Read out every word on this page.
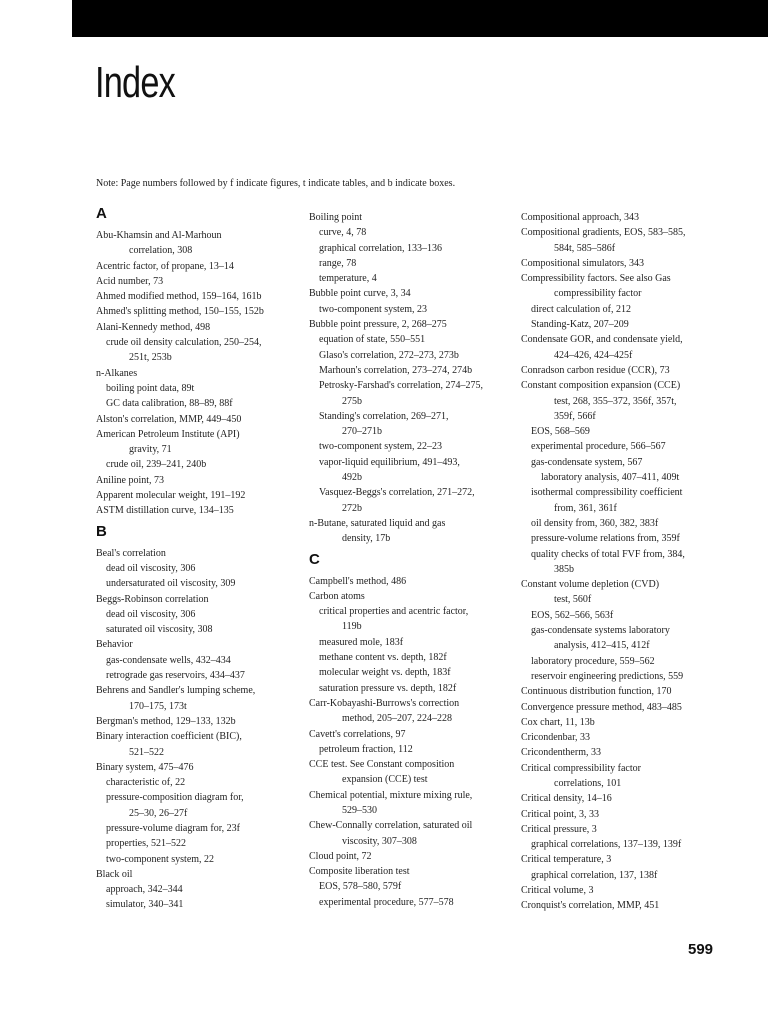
Index
Note: Page numbers followed by f indicate figures, t indicate tables, and b indicate boxes.
A
Abu-Khamsin and Al-Marhoun
correlation, 308
Acentric factor, of propane, 13–14
Acid number, 73
Ahmed modified method, 159–164, 161b
Ahmed's splitting method, 150–155, 152b
Alani-Kennedy method, 498
crude oil density calculation, 250–254,
251t, 253b
n-Alkanes
boiling point data, 89t
GC data calibration, 88–89, 88f
Alston's correlation, MMP, 449–450
American Petroleum Institute (API)
gravity, 71
crude oil, 239–241, 240b
Aniline point, 73
Apparent molecular weight, 191–192
ASTM distillation curve, 134–135
B
Beal's correlation
dead oil viscosity, 306
undersaturated oil viscosity, 309
Beggs-Robinson correlation
dead oil viscosity, 306
saturated oil viscosity, 308
Behavior
gas-condensate wells, 432–434
retrograde gas reservoirs, 434–437
Behrens and Sandler's lumping scheme,
170–175, 173t
Bergman's method, 129–133, 132b
Binary interaction coefficient (BIC),
521–522
Binary system, 475–476
characteristic of, 22
pressure-composition diagram for,
25–30, 26–27f
pressure-volume diagram for, 23f
properties, 521–522
two-component system, 22
Black oil
approach, 342–344
simulator, 340–341
Boiling point
curve, 4, 78
graphical correlation, 133–136
range, 78
temperature, 4
Bubble point curve, 3, 34
two-component system, 23
Bubble point pressure, 2, 268–275
equation of state, 550–551
Glaso's correlation, 272–273, 273b
Marhoun's correlation, 273–274, 274b
Petrosky-Farshad's correlation, 274–275,
275b
Standing's correlation, 269–271,
270–271b
two-component system, 22–23
vapor-liquid equilibrium, 491–493,
492b
Vasquez-Beggs's correlation, 271–272,
272b
n-Butane, saturated liquid and gas
density, 17b
C
Campbell's method, 486
Carbon atoms
critical properties and acentric factor,
119b
measured mole, 183f
methane content vs. depth, 182f
molecular weight vs. depth, 183f
saturation pressure vs. depth, 182f
Carr-Kobayashi-Burrows's correction
method, 205–207, 224–228
Cavett's correlations, 97
petroleum fraction, 112
CCE test. See Constant composition
expansion (CCE) test
Chemical potential, mixture mixing rule,
529–530
Chew-Connally correlation, saturated oil
viscosity, 307–308
Cloud point, 72
Composite liberation test
EOS, 578–580, 579f
experimental procedure, 577–578
Compositional approach, 343
Compositional gradients, EOS, 583–585,
584t, 585–586f
Compositional simulators, 343
Compressibility factors. See also Gas
compressibility factor
direct calculation of, 212
Standing-Katz, 207–209
Condensate GOR, and condensate yield,
424–426, 424–425f
Conradson carbon residue (CCR), 73
Constant composition expansion (CCE)
test, 268, 355–372, 356f, 357t,
359f, 566f
EOS, 568–569
experimental procedure, 566–567
gas-condensate system, 567
laboratory analysis, 407–411, 409t
isothermal compressibility coefficient
from, 361, 361f
oil density from, 360, 382, 383f
pressure-volume relations from, 359f
quality checks of total FVF from, 384,
385b
Constant volume depletion (CVD)
test, 560f
EOS, 562–566, 563f
gas-condensate systems laboratory
analysis, 412–415, 412f
laboratory procedure, 559–562
reservoir engineering predictions, 559
Continuous distribution function, 170
Convergence pressure method, 483–485
Cox chart, 11, 13b
Cricondenbar, 33
Cricondentherm, 33
Critical compressibility factor
correlations, 101
Critical density, 14–16
Critical point, 3, 33
Critical pressure, 3
graphical correlations, 137–139, 139f
Critical temperature, 3
graphical correlation, 137, 138f
Critical volume, 3
Cronquist's correlation, MMP, 451
599
